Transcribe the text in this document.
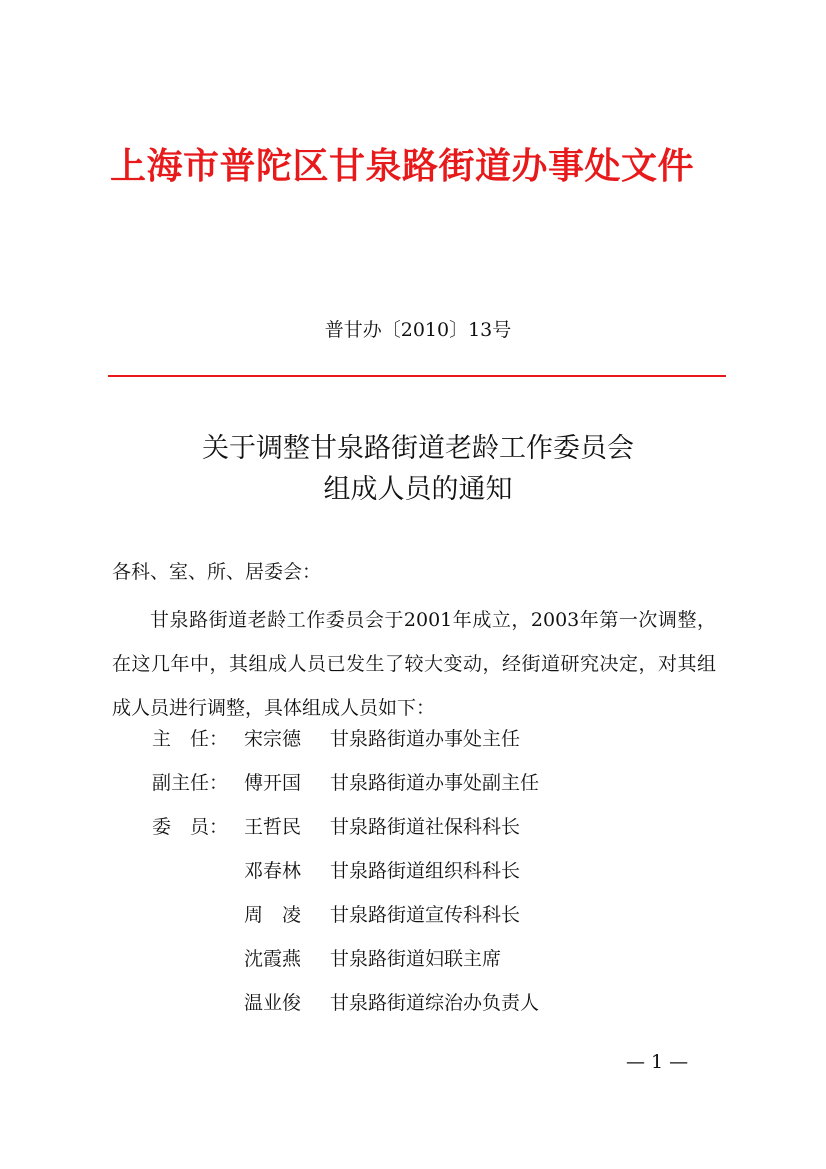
上海市普陀区甘泉路街道办事处文件
普甘办〔2010〕13号
关于调整甘泉路街道老龄工作委员会
组成人员的通知
各科、室、所、居委会：
甘泉路街道老龄工作委员会于2001年成立，2003年第一次调整，在这几年中，其组成人员已发生了较大变动，经街道研究决定，对其组成人员进行调整，具体组成人员如下：
主　任： 宋宗德 甘泉路街道办事处主任
副主任： 傅开国 甘泉路街道办事处副主任
委　员： 王哲民 甘泉路街道社保科科长
邓春林 甘泉路街道组织科科长
周　凌 甘泉路街道宣传科科长
沈霞燕 甘泉路街道妇联主席
温业俊 甘泉路街道综治办负责人
— 1 —
